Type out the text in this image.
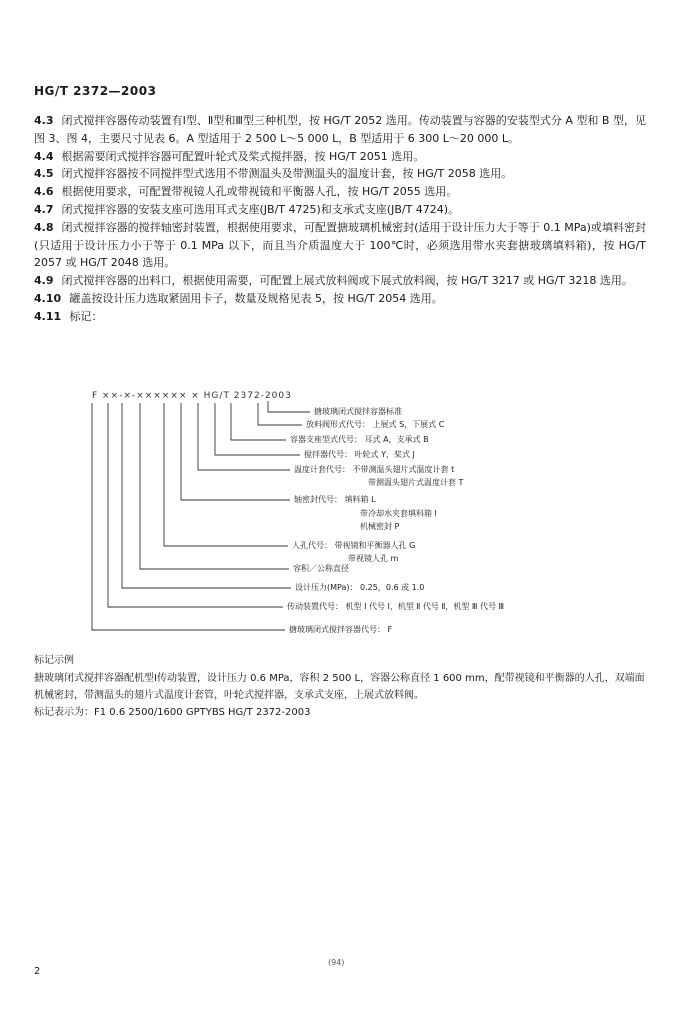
HG/T 2372—2003

4.3 闭式搅拌容器传动装置有Ⅰ型、Ⅱ型和Ⅲ型三种机型，按 HG/T 2052 选用。传动装置与容器的安装型式分 A 型和 B 型，见图 3、图 4，主要尺寸见表 6。A 型适用于 2 500 L～5 000 L，B 型适用于 6 300 L～20 000 L。

4.4 根据需要闭式搅拌容器可配置叶轮式及桨式搅拌器，按 HG/T 2051 选用。

4.5 闭式搅拌容器按不同搅拌型式选用不带测温头及带测温头的温度计套，按 HG/T 2058 选用。

4.6 根据使用要求，可配置带视镜人孔或带视镜和平衡器人孔，按 HG/T 2055 选用。

4.7 闭式搅拌容器的安装支座可选用耳式支座(JB/T 4725)和支承式支座(JB/T 4724)。

4.8 闭式搅拌容器的搅拌轴密封装置，根据使用要求，可配置搪玻璃机械密封(适用于设计压力大于等于 0.1 MPa)或填料密封(只适用于设计压力小于等于 0.1 MPa 以下，而且当介质温度大于 100℃时，必须选用带水夹套搪玻璃填料箱)，按 HG/T 2057 或 HG/T 2048 选用。

4.9 闭式搅拌容器的出料口，根据使用需要，可配置上展式放料阀或下展式放料阀，按 HG/T 3217 或 HG/T 3218 选用。

4.10 罐盖按设计压力选取紧固用卡子，数量及规格见表 5，按 HG/T 2054 选用。

4.11 标记：

F ××-×-×××××× × HG/T 2372-2003
搪玻璃闭式搅拌容器标准
放料阀形式代号： 上展式 S，下展式 C
容器支座型式代号： 耳式 A，支承式 B
搅拌器代号： 叶轮式 Y，桨式 J
温度计套代号： 不带测温头翅片式温度计套 t
带测温头翅片式温度计套 T
轴密封代号： 填料箱 L
带冷却水夹套填料箱 l
机械密封 P
人孔代号： 带视镜和平衡器人孔 G
带视镜人孔 m
容积／公称直径
设计压力(MPa)： 0.25，0.6 或 1.0
传动装置代号： 机型 Ⅰ 代号 Ⅰ，机型 Ⅱ 代号 Ⅱ，机型 Ⅲ 代号 Ⅲ
搪玻璃闭式搅拌容器代号： F
标记示例
搪玻璃闭式搅拌容器配机型Ⅰ传动装置，设计压力 0.6 MPa，容积 2 500 L，容器公称直径 1 600 mm，配带视镜和平衡器的人孔，双端面机械密封，带测温头的翅片式温度计套管，叶轮式搅拌器，支承式支座，上展式放料阀。
标记表示为：F1 0.6 2500/1600 GPTYBS HG/T 2372-2003
2
(94)
